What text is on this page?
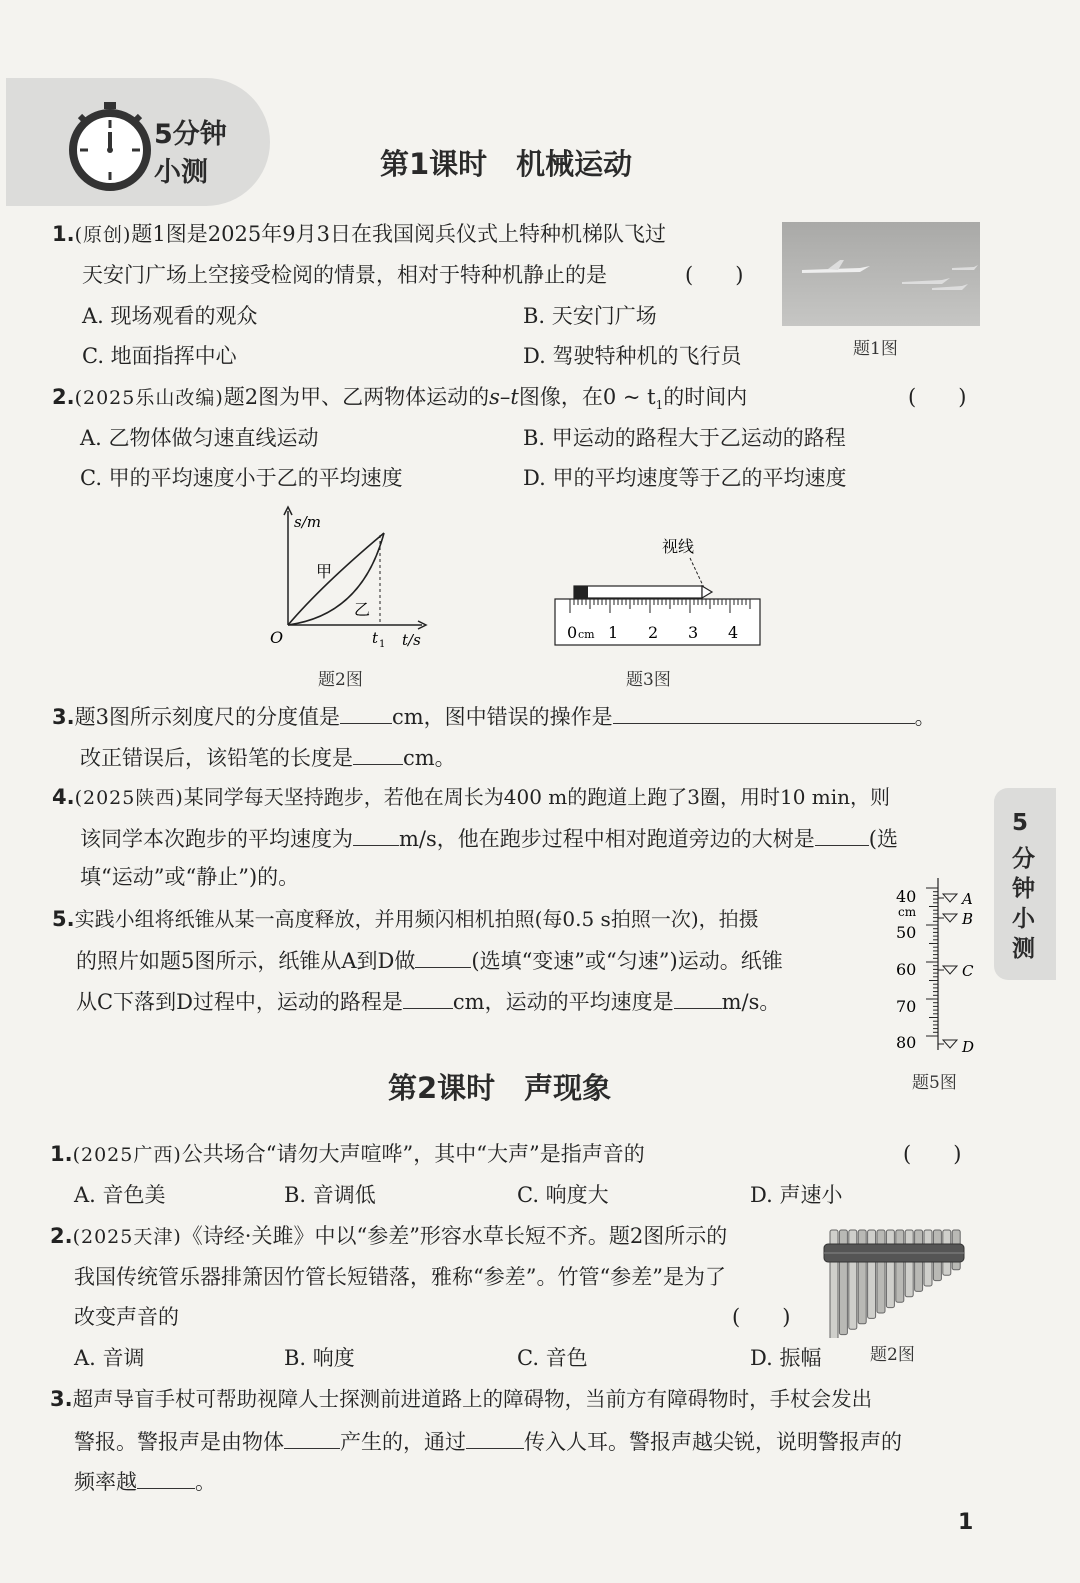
5分钟
小测	第1课时　机械运动
5
分
钟
小
测
1.(原创)题1图是2025年9月3日在我国阅兵仪式上特种机梯队飞过
天安门广场上空接受检阅的情景，相对于特种机静止的是	(　　)
A. 现场观看的观众	B. 天安门广场
C. 地面指挥中心	D. 驾驶特种机的飞行员	题1图
2.(2025乐山改编)题2图为甲、乙两物体运动的s–t图像，在0 ~ $t_1$的时间内	(　　)
A. 乙物体做匀速直线运动	B. 甲运动的路程大于乙运动的路程
C. 甲的平均速度小于乙的平均速度	D. 甲的平均速度等于乙的平均速度
s/m
t/s
O	t 1
甲
乙
题2图
视线
0 cm 1 2 3 4
题3图
3.题3图所示刻度尺的分度值是 cm，图中错误的操作是	。
改正错误后，该铅笔的长度是 cm。
4.(2025陕西)某同学每天坚持跑步，若他在周长为400 m的跑道上跑了3圈，用时10 min，则
该同学本次跑步的平均速度为 m/s，他在跑步过程中相对跑道旁边的大树是	(选
填“运动”或“静止”)的。
5.实践小组将纸锥从某一高度释放，并用频闪相机拍照(每0.5 s拍照一次)，拍摄
的照片如题5图所示，纸锥从A到D做	(选填“变速”或“匀速”)运动。纸锥
从C下落到D过程中，运动的路程是 cm，运动的平均速度是 m/s。
40
cm
50
60
70
80
A
B
C
D
题5图
第2课时　声现象
1.(2025广西)公共场合“请勿大声喧哗”，其中“大声”是指声音的	(　　)
A. 音色美	B. 音调低	C. 响度大	D. 声速小
2.(2025天津)《诗经·关雎》中以“参差”形容水草长短不齐。题2图所示的
我国传统管乐器排箫因竹管长短错落，雅称“参差”。竹管“参差”是为了
改变声音的	(　　)
A. 音调	B. 响度	C. 音色	D. 振幅	题2图
3.超声导盲手杖可帮助视障人士探测前进道路上的障碍物，当前方有障碍物时，手杖会发出
警报。警报声是由物体	产生的，通过	传入人耳。警报声越尖锐，说明警报声的
频率越	。
1
